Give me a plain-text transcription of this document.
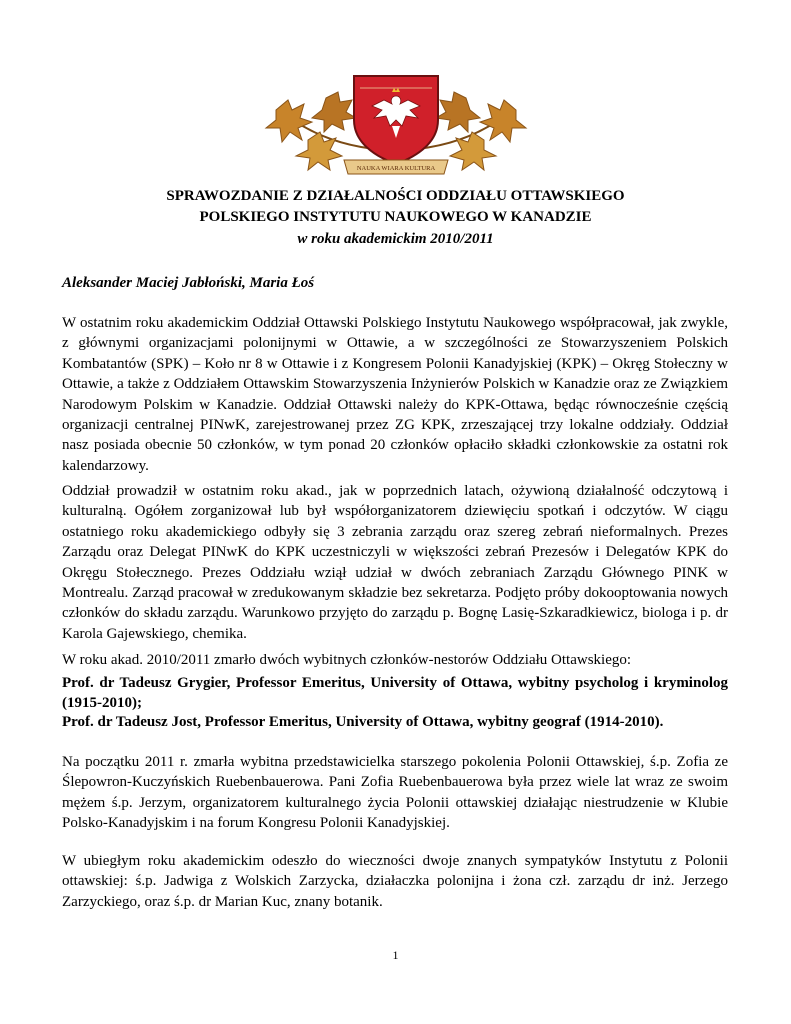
NAUKA WIARA KULTURA
SPRAWOZDANIE Z DZIAŁALNOŚCI ODDZIAŁU OTTAWSKIEGO
POLSKIEGO INSTYTUTU NAUKOWEGO W KANADZIE
w roku akademickim 2010/2011
Aleksander Maciej Jabłoński, Maria Łoś
W ostatnim roku akademickim Oddział Ottawski Polskiego Instytutu Naukowego współpracował, jak zwykle, z głównymi organizacjami polonijnymi w Ottawie, a w szczególności ze Stowarzyszeniem Polskich Kombatantów (SPK) – Koło nr 8 w Ottawie i z Kongresem Polonii Kanadyjskiej (KPK) – Okręg Stołeczny w Ottawie, a także z Oddziałem Ottawskim Stowarzyszenia Inżynierów Polskich w Kanadzie oraz ze Związkiem Narodowym Polskim w Kanadzie. Oddział Ottawski należy do KPK-Ottawa, będąc równocześnie częścią organizacji centralnej PINwK, zarejestrowanej przez ZG KPK, zrzeszającej trzy lokalne oddziały. Oddział nasz posiada obecnie 50 członków, w tym ponad 20 członków opłaciło składki członkowskie za ostatni rok kalendarzowy.
Oddział prowadził w ostatnim roku akad., jak w poprzednich latach, ożywioną działalność odczytową i kulturalną. Ogółem zorganizował lub był współorganizatorem dziewięciu spotkań i odczytów. W ciągu ostatniego roku akademickiego odbyły się 3 zebrania zarządu oraz szereg zebrań nieformalnych. Prezes Zarządu oraz Delegat PINwK do KPK uczestniczyli w większości zebrań Prezesów i Delegatów KPK do Okręgu Stołecznego. Prezes Oddziału wziął udział w dwóch zebraniach Zarządu Głównego PINK w Montrealu. Zarząd pracował w zredukowanym składzie bez sekretarza. Podjęto próby dokooptowania nowych członków do składu zarządu. Warunkowo przyjęto do zarządu p. Bognę Lasię-Szkaradkiewicz, biologa i p. dr Karola Gajewskiego, chemika.
W roku akad. 2010/2011 zmarło dwóch wybitnych członków-nestorów Oddziału Ottawskiego:
Prof. dr Tadeusz Grygier, Professor Emeritus, University of Ottawa, wybitny psycholog i kryminolog (1915-2010);
Prof. dr Tadeusz Jost, Professor Emeritus, University of Ottawa, wybitny geograf (1914-2010).
Na początku 2011 r. zmarła wybitna przedstawicielka starszego pokolenia Polonii Ottawskiej, ś.p. Zofia ze Ślepowron-Kuczyńskich Ruebenbauerowa. Pani Zofia Ruebenbauerowa była przez wiele lat wraz ze swoim mężem ś.p. Jerzym, organizatorem kulturalnego życia Polonii ottawskiej działając niestrudzenie w Klubie Polsko-Kanadyjskim i na forum Kongresu Polonii Kanadyjskiej.
W ubiegłym roku akademickim odeszło do wieczności dwoje znanych sympatyków Instytutu z Polonii ottawskiej: ś.p. Jadwiga z Wolskich Zarzycka, działaczka polonijna i żona czł. zarządu dr inż. Jerzego Zarzyckiego, oraz ś.p. dr Marian Kuc, znany botanik.
1
